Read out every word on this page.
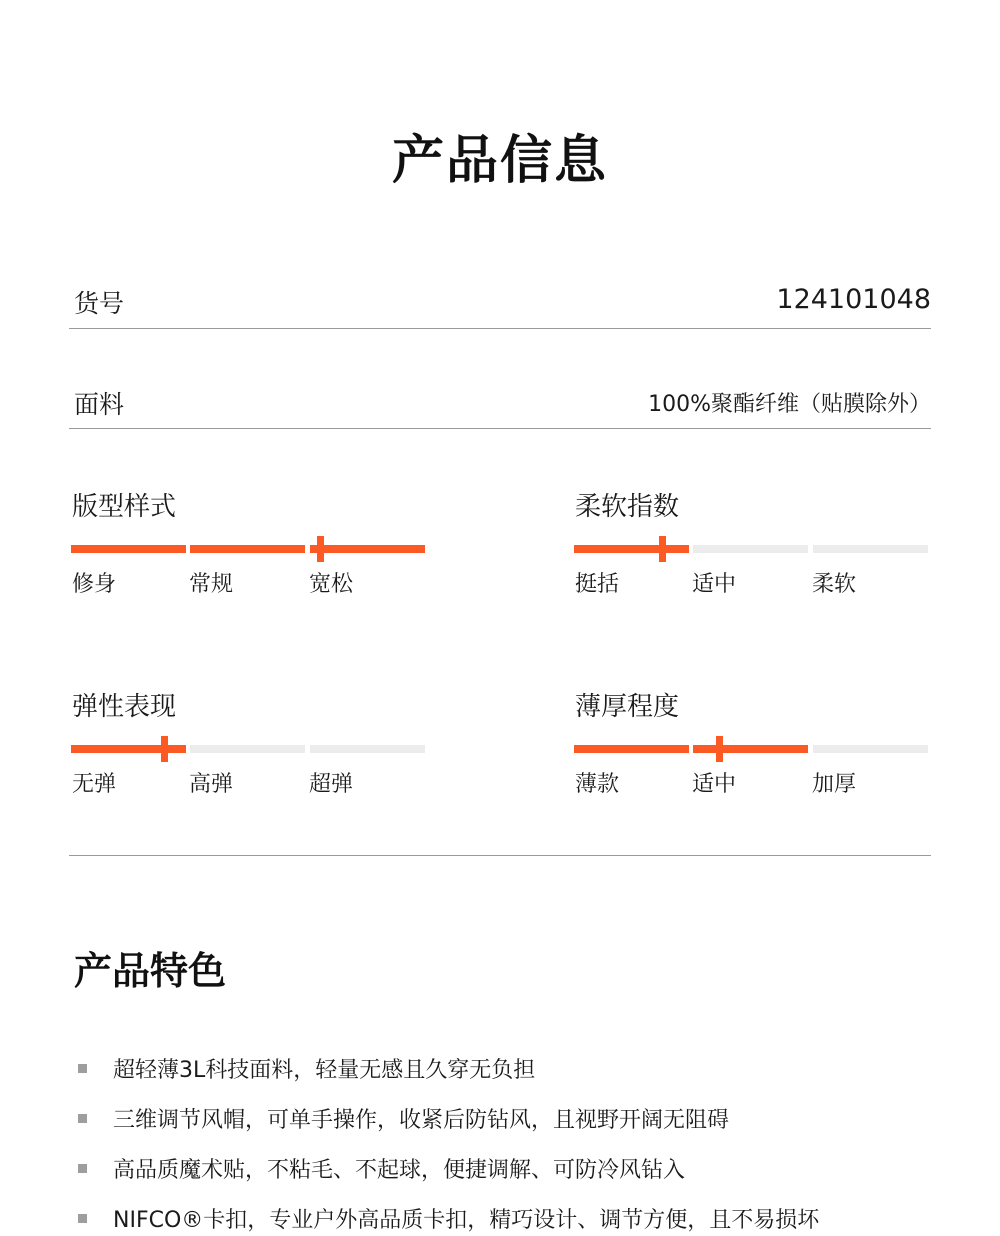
产品信息
货号	124101048
面料	100%聚酯纤维（贴膜除外）
版型样式
修身	常规	宽松
柔软指数
挺括	适中	柔软
弹性表现
无弹	高弹	超弹
薄厚程度
薄款	适中	加厚
产品特色
超轻薄3L科技面料，轻量无感且久穿无负担
三维调节风帽，可单手操作，收紧后防钻风，且视野开阔无阻碍
高品质魔术贴，不粘毛、不起球，便捷调解、可防冷风钻入
NIFCO®卡扣，专业户外高品质卡扣，精巧设计、调节方便，且不易损坏
